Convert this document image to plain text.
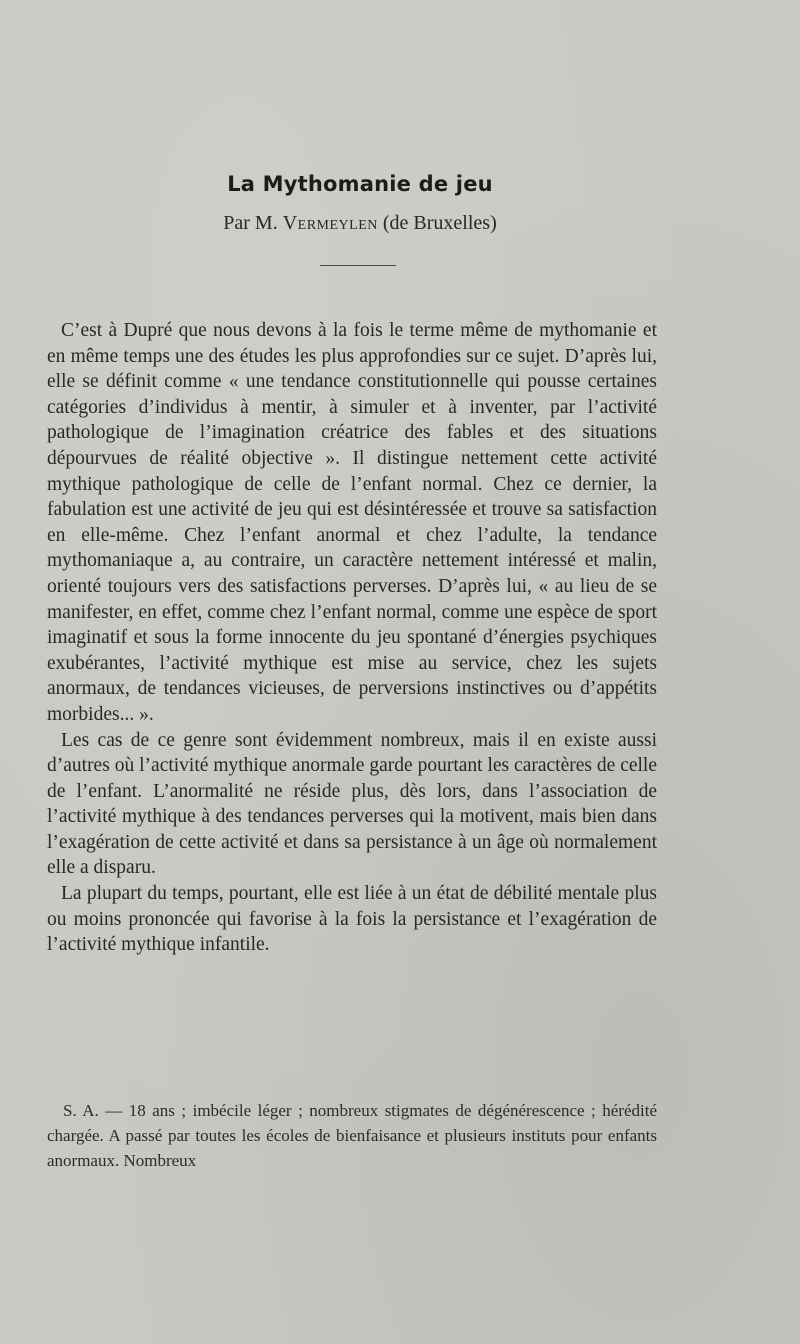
La Mythomanie de jeu
Par M. Vermeylen (de Bruxelles)

C’est à Dupré que nous devons à la fois le terme même de mythomanie et en même temps une des études les plus approfondies sur ce sujet. D’après lui, elle se définit comme « une tendance constitutionnelle qui pousse certaines catégories d’individus à mentir, à simuler et à inventer, par l’activité pathologique de l’imagination créatrice des fables et des situations dépourvues de réalité objective ». Il distingue nettement cette activité mythique pathologique de celle de l’enfant normal. Chez ce dernier, la fabulation est une activité de jeu qui est désintéressée et trouve sa satisfaction en elle-même. Chez l’enfant anormal et chez l’adulte, la tendance mythomaniaque a, au contraire, un caractère nettement intéressé et malin, orienté toujours vers des satisfactions perverses. D’après lui, « au lieu de se manifester, en effet, comme chez l’enfant normal, comme une espèce de sport imaginatif et sous la forme innocente du jeu spontané d’énergies psychiques exubérantes, l’activité mythique est mise au service, chez les sujets anormaux, de tendances vicieuses, de perversions instinctives ou d’appétits morbides... ».

Les cas de ce genre sont évidemment nombreux, mais il en existe aussi d’autres où l’activité mythique anormale garde pourtant les caractères de celle de l’enfant. L’anormalité ne réside plus, dès lors, dans l’association de l’activité mythique à des tendances perverses qui la motivent, mais bien dans l’exagération de cette activité et dans sa persistance à un âge où normalement elle a disparu.

La plupart du temps, pourtant, elle est liée à un état de débilité mentale plus ou moins prononcée qui favorise à la fois la persistance et l’exagération de l’activité mythique infantile.

S. A. — 18 ans ; imbécile léger ; nombreux stigmates de dégénérescence ; hérédité chargée. A passé par toutes les écoles de bienfaisance et plusieurs instituts pour enfants anormaux. Nombreux
